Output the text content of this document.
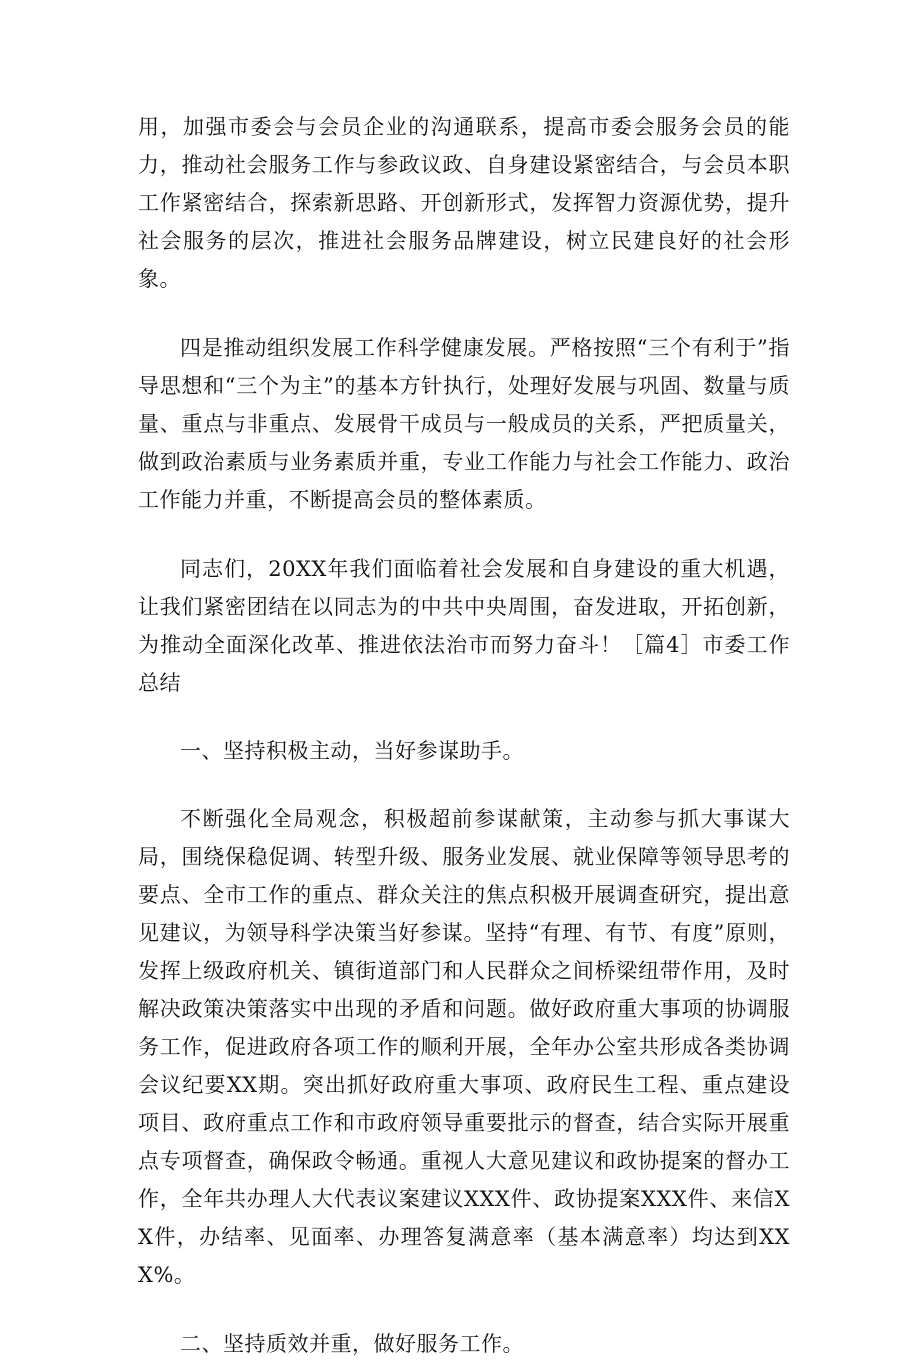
用，加强市委会与会员企业的沟通联系，提高市委会服务会员的能力，推动社会服务工作与参政议政、自身建设紧密结合，与会员本职工作紧密结合，探索新思路、开创新形式，发挥智力资源优势，提升社会服务的层次，推进社会服务品牌建设，树立民建良好的社会形象。

四是推动组织发展工作科学健康发展。严格按照“三个有利于”指导思想和“三个为主”的基本方针执行，处理好发展与巩固、数量与质量、重点与非重点、发展骨干成员与一般成员的关系，严把质量关，做到政治素质与业务素质并重，专业工作能力与社会工作能力、政治工作能力并重，不断提高会员的整体素质。

同志们，20XX年我们面临着社会发展和自身建设的重大机遇，让我们紧密团结在以同志为的中共中央周围，奋发进取，开拓创新，为推动全面深化改革、推进依法治市而努力奋斗！［篇4］市委工作总结

一、坚持积极主动，当好参谋助手。

不断强化全局观念，积极超前参谋献策，主动参与抓大事谋大局，围绕保稳促调、转型升级、服务业发展、就业保障等领导思考的要点、全市工作的重点、群众关注的焦点积极开展调查研究，提出意见建议，为领导科学决策当好参谋。坚持“有理、有节、有度”原则，发挥上级政府机关、镇街道部门和人民群众之间桥梁纽带作用，及时解决政策决策落实中出现的矛盾和问题。做好政府重大事项的协调服务工作，促进政府各项工作的顺利开展，全年办公室共形成各类协调会议纪要XX期。突出抓好政府重大事项、政府民生工程、重点建设项目、政府重点工作和市政府领导重要批示的督查，结合实际开展重点专项督查，确保政令畅通。重视人大意见建议和政协提案的督办工作，全年共办理人大代表议案建议XXX件、政协提案XXX件、来信XX件，办结率、见面率、办理答复满意率（基本满意率）均达到XXX%。

二、坚持质效并重，做好服务工作。
